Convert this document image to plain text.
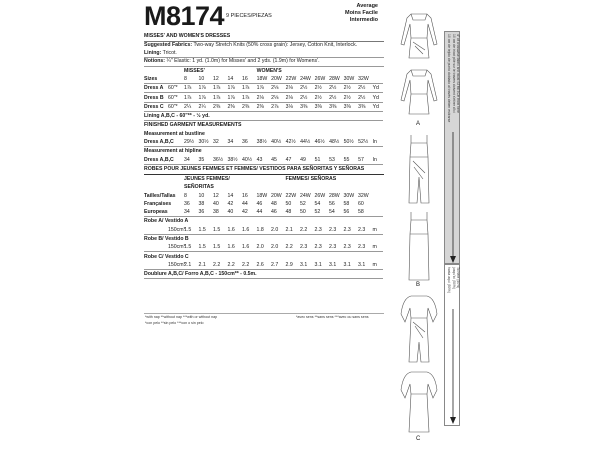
M8174 9 PIECES/PIEZAS
Average
Moins Facile
Intermedio
MISSES' AND WOMEN'S DRESSES
Suggested Fabrics: Two-way Stretch Knits (50% cross grain): Jersey, Cotton Knit, Interlock.
Lining: Tricot.
Notions: ¼" Elastic: 1 yd. (1.0m) for Misses' and 2 yds. (1.9m) for Womens'.
		MISSES'					WOMEN'S								
Sizes		8	10	12	14	16	18W	20W	22W	24W	26W	28W	30W	32W	
Dress A	60"*	1⅞	1⅞	1⅞	1⅞	1⅞	1⅞	2⅛	2⅛	2½	2½	2½	2½	2½	Yd
Dress B	60"*	1⅞	1⅞	1⅞	1⅞	1⅞	2⅛	2⅛	2⅛	2½	2½	2½	2½	2½	Yd
Dress C	60"*	2¼	2¼	2⅜	2⅜	2⅜	2⅜	2⅞	3⅛	3⅜	3⅜	3⅜	3⅜	3⅜	Yd
Lining A,B,C - 60"** - ½ yd.															
FINISHED GARMENT MEASUREMENTS															
Measurement at bustline															
Dress A,B,C		29½	30½	32	34	36	38½	40½	42½	44½	46½	48½	50½	52½	In
Measurement at hipline															
Dress A,B,C		34	35	36½	38½	40½	43	45	47	49	51	53	55	57	In
ROBES POUR JEUNES FEMMES ET FEMMES/ VESTIDOS PARA SEÑORITAS Y SEÑORAS
		JEUNES FEMMES/							FEMMES/ SEÑORAS						
		SEÑORITAS													
Tailles/Tallas		8	10	12	14	16	18W	20W	22W	24W	26W	28W	30W	32W	
Françaises		36	38	40	42	44	46	48	50	52	54	56	58	60	
Europeas		34	36	38	40	42	44	46	48	50	52	54	56	58	
Robe A/ Vestido A															
	150cm*	1.5	1.5	1.5	1.6	1.6	1.8	2.0	2.1	2.2	2.3	2.3	2.3	2.3	m
Robe B/ Vestido B															
	150cm*	1.5	1.5	1.5	1.6	1.6	2.0	2.0	2.2	2.3	2.3	2.3	2.3	2.3	m
Robe C/ Vestido C															
	150cm*	2.1	2.1	2.2	2.2	2.2	2.6	2.7	2.9	3.1	3.1	3.1	3.1	3.1	m
Doublure A,B,C/ Forro A,B,C - 150cm** - 0.5m.															
*with nap **without nap ***with or without nap
*con pelo **sin pelo ***con o sin pelo
*avec sens **sans sens ***avec ou sans sens
A
B
C
4" of crosswise fabric knit must STRETCH from here
10 cm de tricot plié sur le travers doivent s'étirer d'ici
10 cm de tejido de punto doblado al través deben estirarse
To here (50%)
jusqu'ici (50%)
hasta aquí (50%)
